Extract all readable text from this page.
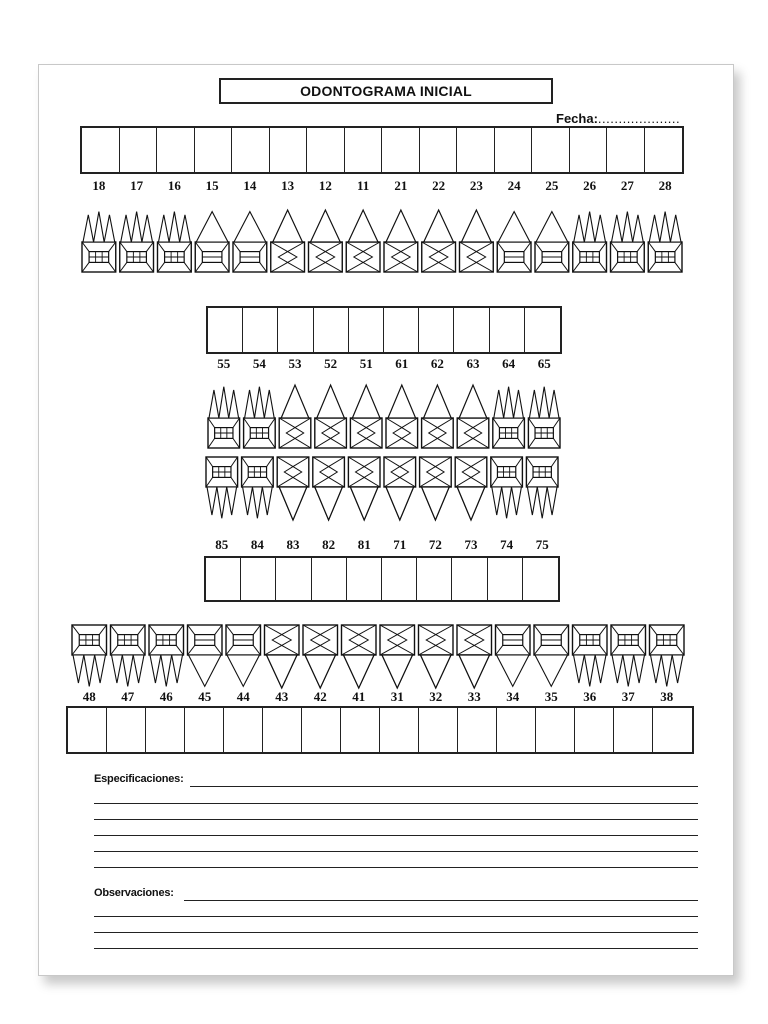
ODONTOGRAMA INICIAL
Fecha:....................
18 17 16 15 14 13 12 11 21 22 23 24 25 26 27 28
55 54 53 52 51 61 62 63 64 65
85 84 83 82 81 71 72 73 74 75
48 47 46 45 44 43 42 41 31 32 33 34 35 36 37 38
Especificaciones:
Observaciones:
